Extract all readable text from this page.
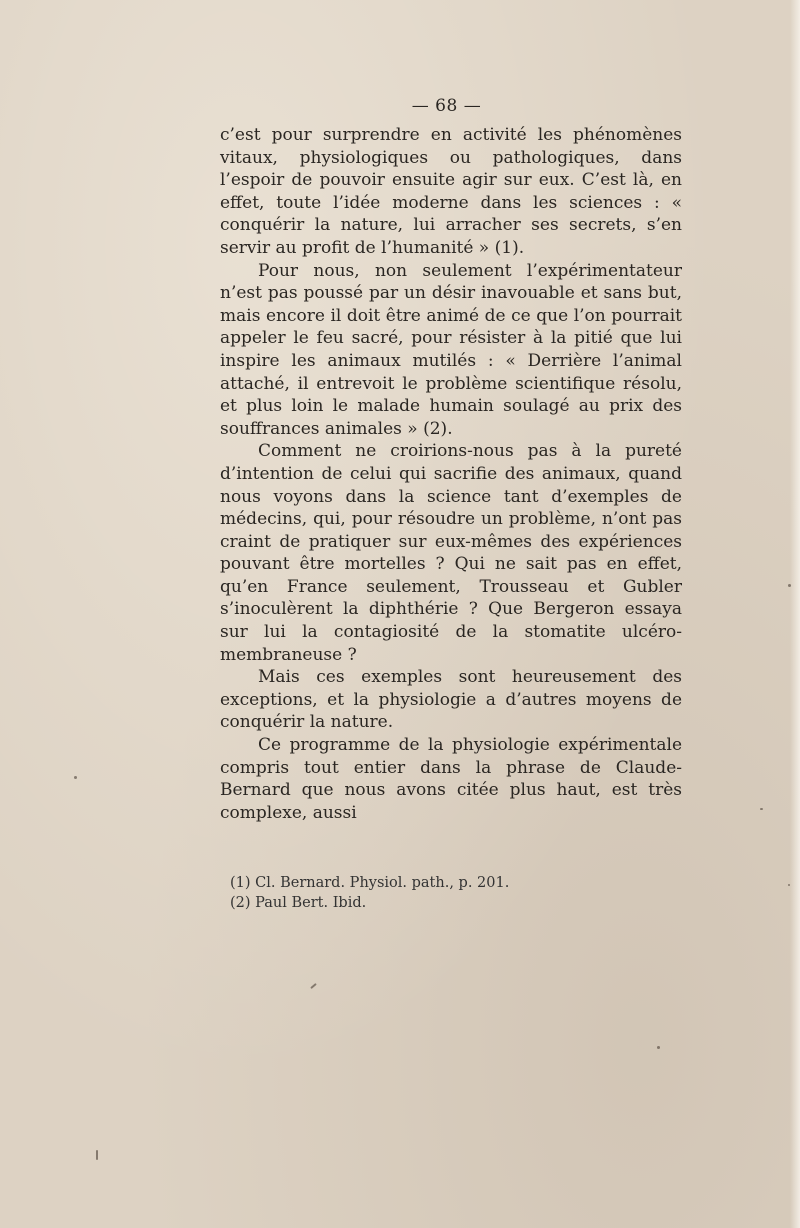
— 68 —

c’est pour surprendre en activité les phénomènes vitaux, physiologiques ou pathologiques, dans l’espoir de pouvoir ensuite agir sur eux. C’est là, en effet, toute l’idée moderne dans les sciences : « conquérir la nature, lui arracher ses secrets, s’en servir au profit de l’humanité » (1).

Pour nous, non seulement l’expérimentateur n’est pas poussé par un désir inavouable et sans but, mais encore il doit être animé de ce que l’on pourrait appeler le feu sacré, pour résister à la pitié que lui inspire les animaux mutilés : « Derrière l’animal attaché, il entrevoit le problème scientifique résolu, et plus loin le malade humain soulagé au prix des souffrances animales » (2).

Comment ne croirions-nous pas à la pureté d’intention de celui qui sacrifie des animaux, quand nous voyons dans la science tant d’exemples de médecins, qui, pour résoudre un problème, n’ont pas craint de pratiquer sur eux-mêmes des expériences pouvant être mortelles ? Qui ne sait pas en effet, qu’en France seulement, Trousseau et Gubler s’inoculèrent la diphthérie ? Que Bergeron essaya sur lui la contagiosité de la stomatite ulcéro-membraneuse ?

Mais ces exemples sont heureusement des exceptions, et la physiologie a d’autres moyens de conquérir la nature.

Ce programme de la physiologie expérimentale compris tout entier dans la phrase de Claude-Bernard que nous avons citée plus haut, est très complexe, aussi

(1) Cl. Bernard. Physiol. path., p. 201.

(2) Paul Bert. Ibid.
